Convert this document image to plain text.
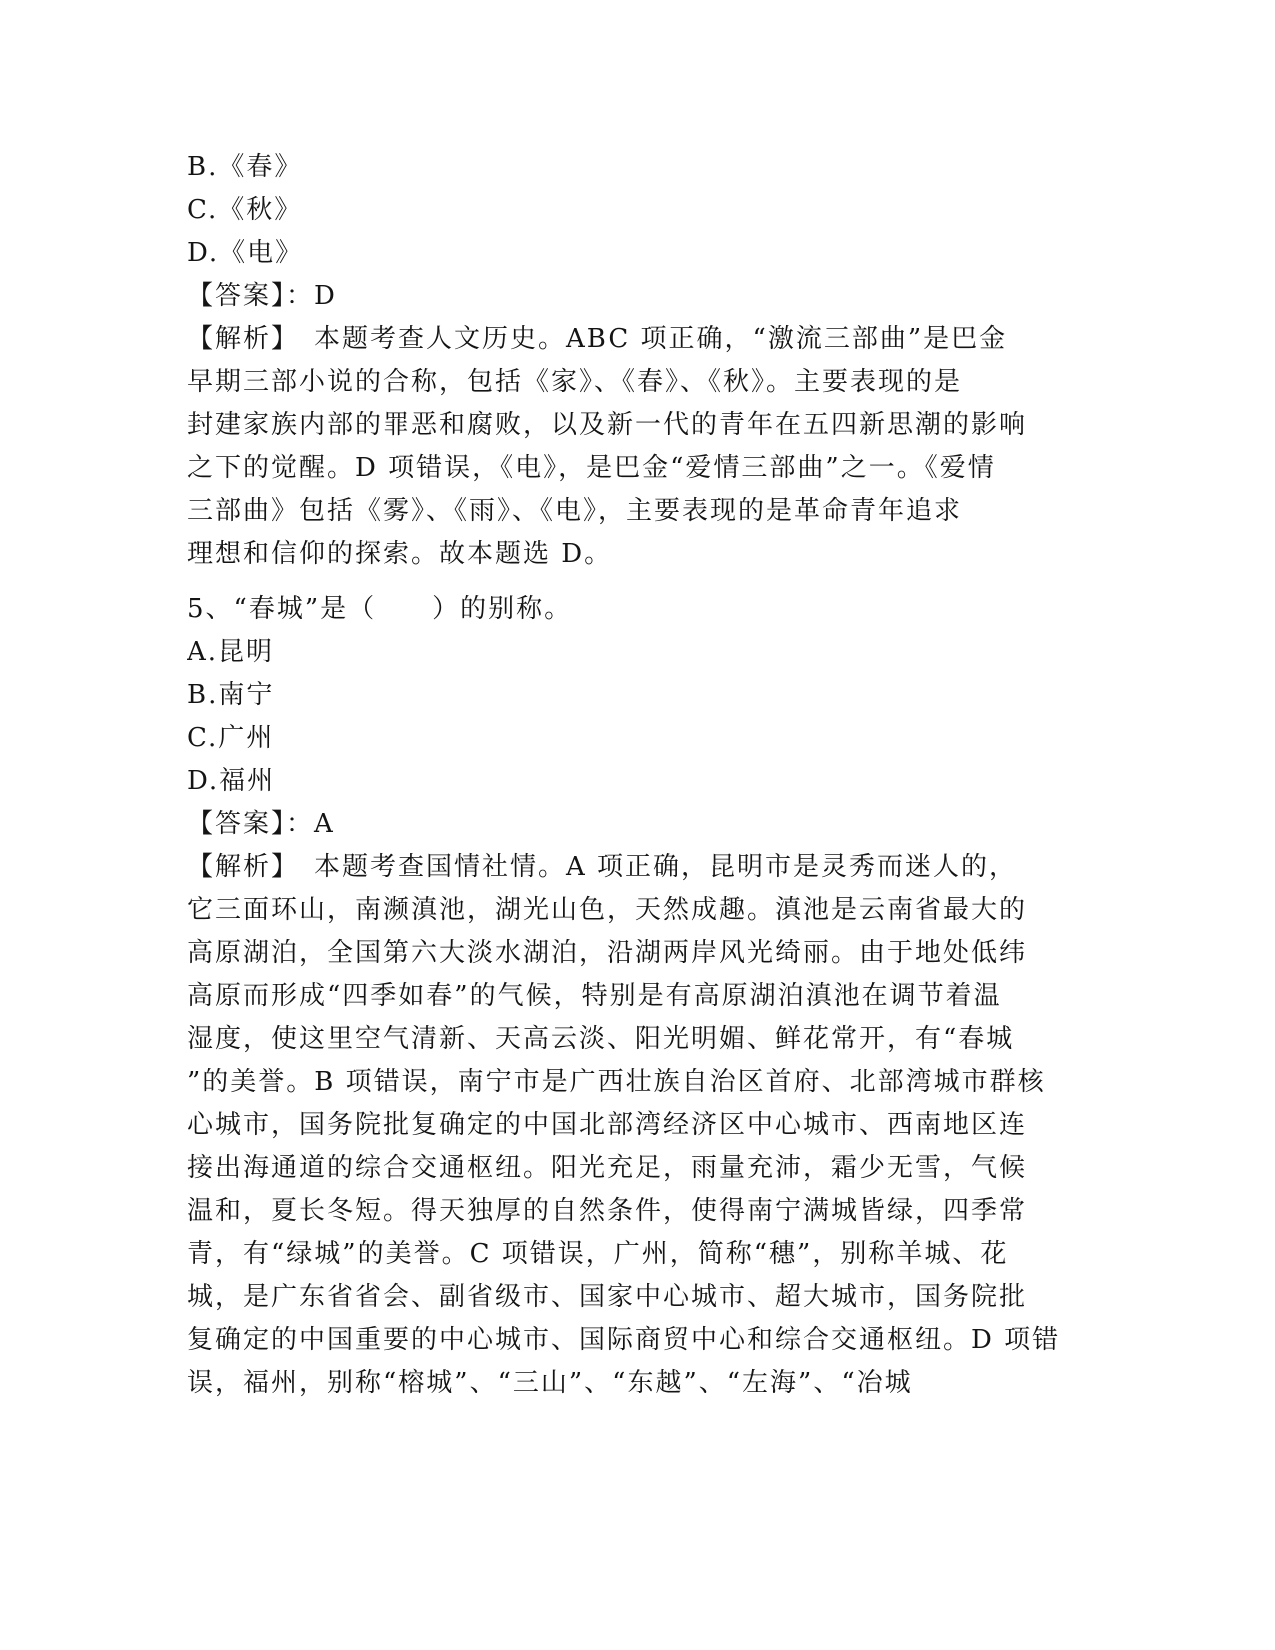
B.《春》
C.《秋》
D.《电》
【答案】：D
【解析】　本题考查人文历史。ABC 项正确，“激流三部曲”是巴金
早期三部小说的合称，包括《家》、《春》、《秋》。主要表现的是
封建家族内部的罪恶和腐败，以及新一代的青年在五四新思潮的影响
之下的觉醒。D 项错误，《电》，是巴金“爱情三部曲”之一。《爱情
三部曲》包括《雾》、《雨》、《电》，主要表现的是革命青年追求
理想和信仰的探索。故本题选 D。
5、“春城”是（　　）的别称。
A.昆明
B.南宁
C.广州
D.福州
【答案】：A
【解析】　本题考查国情社情。A 项正确，昆明市是灵秀而迷人的，
它三面环山，南濒滇池，湖光山色，天然成趣。滇池是云南省最大的
高原湖泊，全国第六大淡水湖泊，沿湖两岸风光绮丽。由于地处低纬
高原而形成“四季如春”的气候，特别是有高原湖泊滇池在调节着温
湿度，使这里空气清新、天高云淡、阳光明媚、鲜花常开，有“春城
”的美誉。B 项错误，南宁市是广西壮族自治区首府、北部湾城市群核
心城市，国务院批复确定的中国北部湾经济区中心城市、西南地区连
接出海通道的综合交通枢纽。阳光充足，雨量充沛，霜少无雪，气候
温和，夏长冬短。得天独厚的自然条件，使得南宁满城皆绿，四季常
青，有“绿城”的美誉。C 项错误，广州，简称“穗”，别称羊城、花
城，是广东省省会、副省级市、国家中心城市、超大城市，国务院批
复确定的中国重要的中心城市、国际商贸中心和综合交通枢纽。D 项错
误，福州，别称“榕城”、“三山”、“东越”、“左海”、“冶城
